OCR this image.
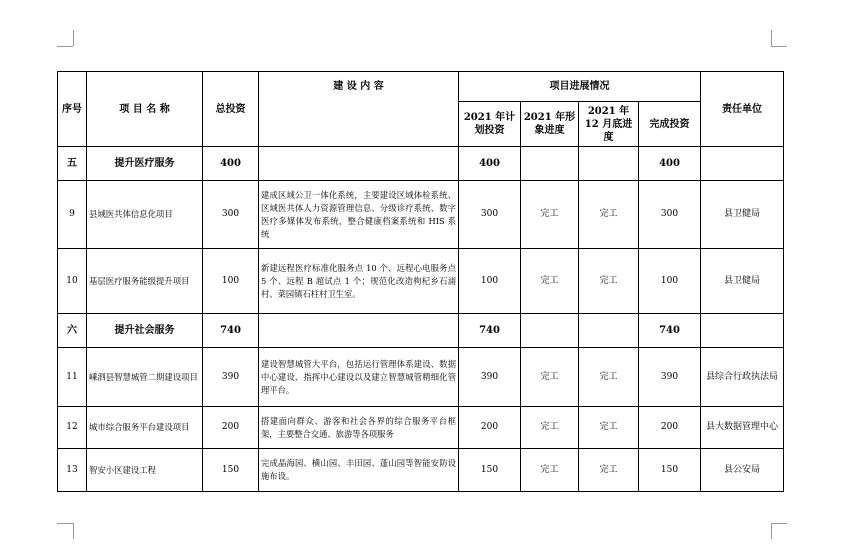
序号	项 目 名 称	总投资	建 设 内 容	项目进展情况				责任单位
				2021 年计划投资	2021 年形象进度	2021 年12 月底进度	完成投资	
五	提升医疗服务	400		400			400	
9	县域医共体信息化项目	300	建成区域公卫一体化系统，主要建设区域体检系统、区域医共体人力资源管理信息、分级诊疗系统、数字医疗多媒体发布系统，整合健康档案系统和 HIS 系统	300	完工	完工	300	县卫健局
10	基层医疗服务能级提升项目	100	新建远程医疗标准化服务点 10 个、远程心电服务点 5 个、远程 B 超试点 1 个；规范化改造枸杞乡石浦村、菜园镇石柱村卫生室。	100	完工	完工	100	县卫健局
六	提升社会服务	740		740			740	
11	嵊泗县智慧城管二期建设项目	390	建设智慧城管大平台，包括运行管理体系建设、数据中心建设、指挥中心建设以及建立智慧城管精细化管理平台。	390	完工	完工	390	县综合行政执法局
12	城市综合服务平台建设项目	200	搭建面向群众、游客和社会各界的综合服务平台框架，主要整合交通、旅游等各项服务	200	完工	完工	200	县大数据管理中心
13	智安小区建设工程	150	完成晶海园、横山园、丰田园、蓬山园等智能安防设施布设。	150	完工	完工	150	县公安局
